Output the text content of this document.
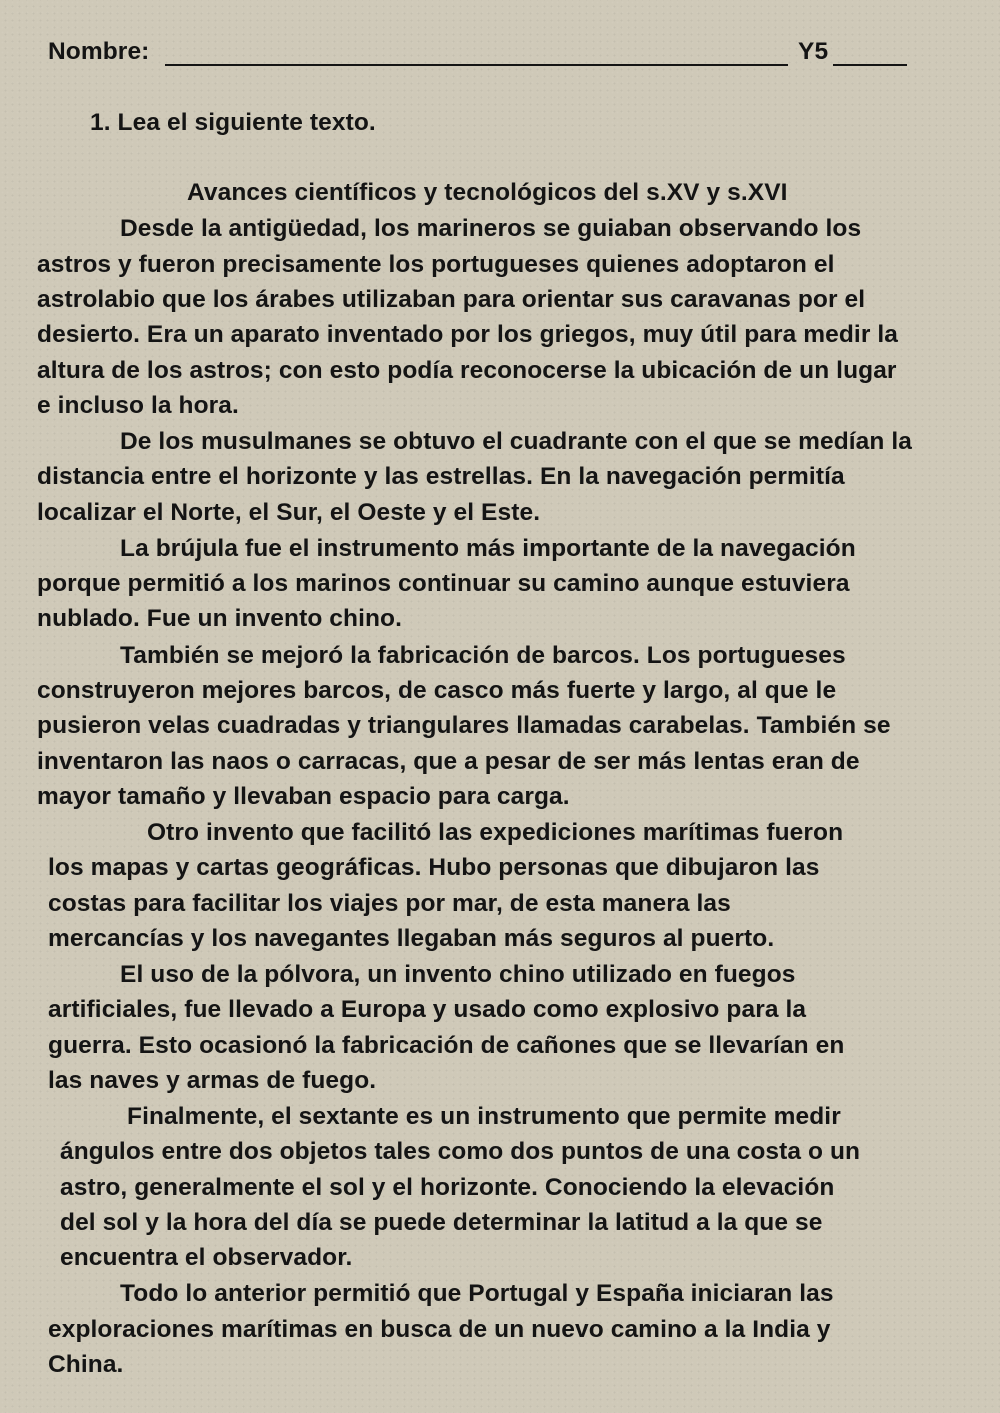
Nombre:	Y5
1. Lea el siguiente texto.
Avances científicos y tecnológicos del s.XV y s.XVI
Desde la antigüedad, los marineros se guiaban observando los
astros y fueron precisamente los portugueses quienes adoptaron el
astrolabio que los árabes utilizaban para orientar sus caravanas por el
desierto. Era un aparato inventado por los griegos, muy útil para medir la
altura de los astros; con esto podía reconocerse la ubicación de un lugar
e incluso la hora.
De los musulmanes se obtuvo el cuadrante con el que se medían la
distancia entre el horizonte y las estrellas. En la navegación permitía
localizar el Norte, el Sur, el Oeste y el Este.
La brújula fue el instrumento más importante de la navegación
porque permitió a los marinos continuar su camino aunque estuviera
nublado. Fue un invento chino.
También se mejoró la fabricación de barcos. Los portugueses
construyeron mejores barcos, de casco más fuerte y largo, al que le
pusieron velas cuadradas y triangulares llamadas carabelas. También se
inventaron las naos o carracas, que a pesar de ser más lentas eran de
mayor tamaño y llevaban espacio para carga.
Otro invento que facilitó las expediciones marítimas fueron
los mapas y cartas geográficas. Hubo personas que dibujaron las
costas para facilitar los viajes por mar, de esta manera las
mercancías y los navegantes llegaban más seguros al puerto.
El uso de la pólvora, un invento chino utilizado en fuegos
artificiales, fue llevado a Europa y usado como explosivo para la
guerra. Esto ocasionó la fabricación de cañones que se llevarían en
las naves y armas de fuego.
Finalmente, el sextante es un instrumento que permite medir
ángulos entre dos objetos tales como dos puntos de una costa o un
astro, generalmente el sol y el horizonte. Conociendo la elevación
del sol y la hora del día se puede determinar la latitud a la que se
encuentra el observador.
Todo lo anterior permitió que Portugal y España iniciaran las
exploraciones marítimas en busca de un nuevo camino a la India y
China.
